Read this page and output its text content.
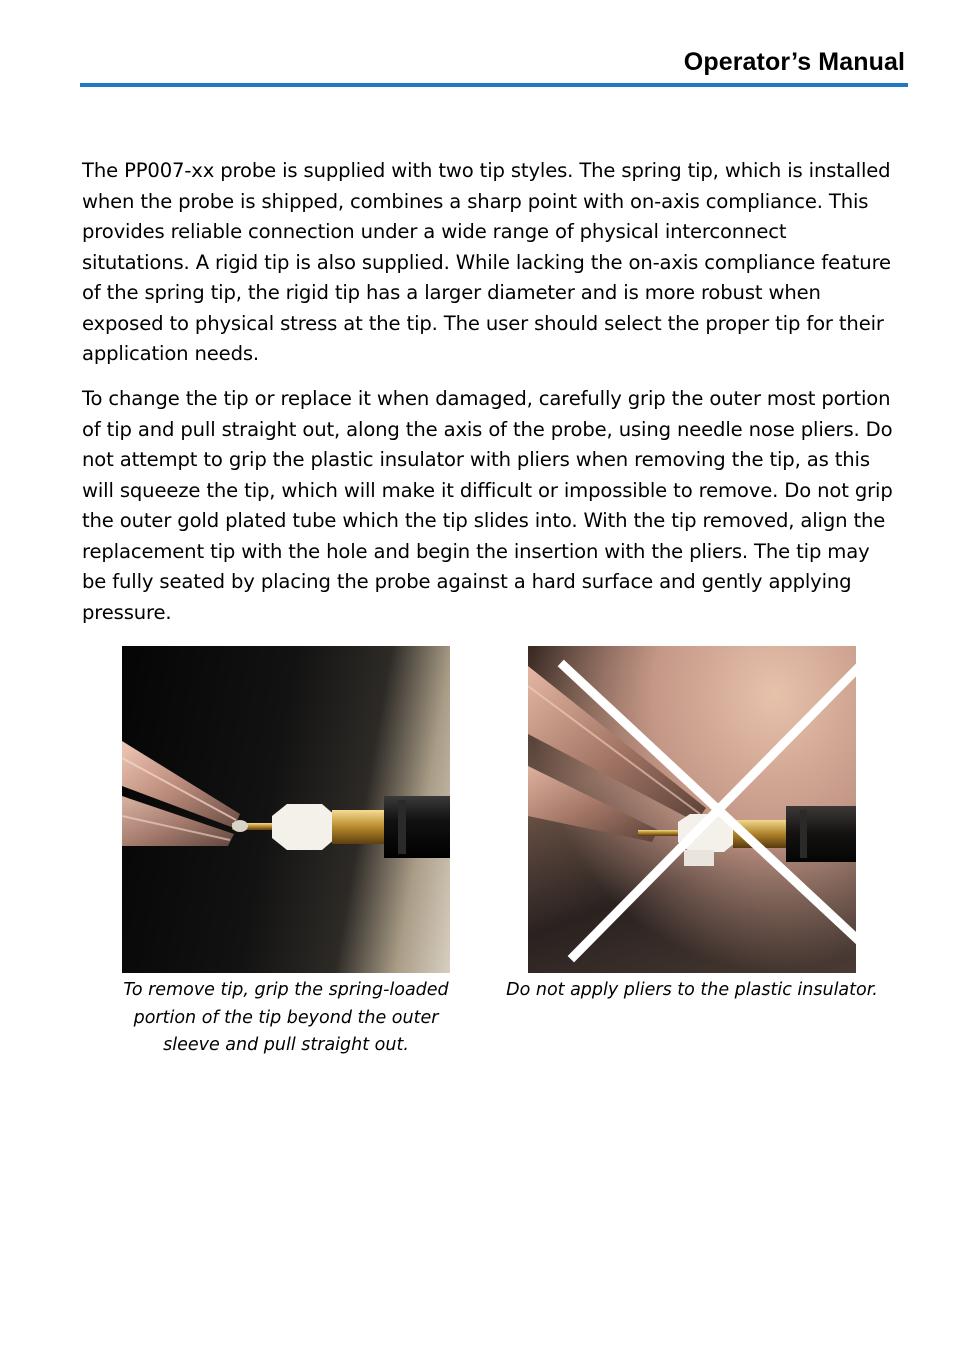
Operator’s Manual

The PP007-xx probe is supplied with two tip styles. The spring tip, which is installed when the probe is shipped, combines a sharp point with on-axis compliance. This provides reliable connection under a wide range of physical interconnect situtations. A rigid tip is also supplied. While lacking the on-axis compliance feature of the spring tip, the rigid tip has a larger diameter and is more robust when exposed to physical stress at the tip. The user should select the proper tip for their application needs.

To change the tip or replace it when damaged, carefully grip the outer most portion of tip and pull straight out, along the axis of the probe, using needle nose pliers. Do not attempt to grip the plastic insulator with pliers when removing the tip, as this will squeeze the tip, which will make it difficult or impossible to remove. Do not grip the outer gold plated tube which the tip slides into. With the tip removed, align the replacement tip with the hole and begin the insertion with the pliers. The tip may be fully seated by placing the probe against a hard surface and gently applying pressure.

To remove tip, grip the spring-loaded portion of the tip beyond the outer sleeve and pull straight out.

Do not apply pliers to the plastic insulator.
